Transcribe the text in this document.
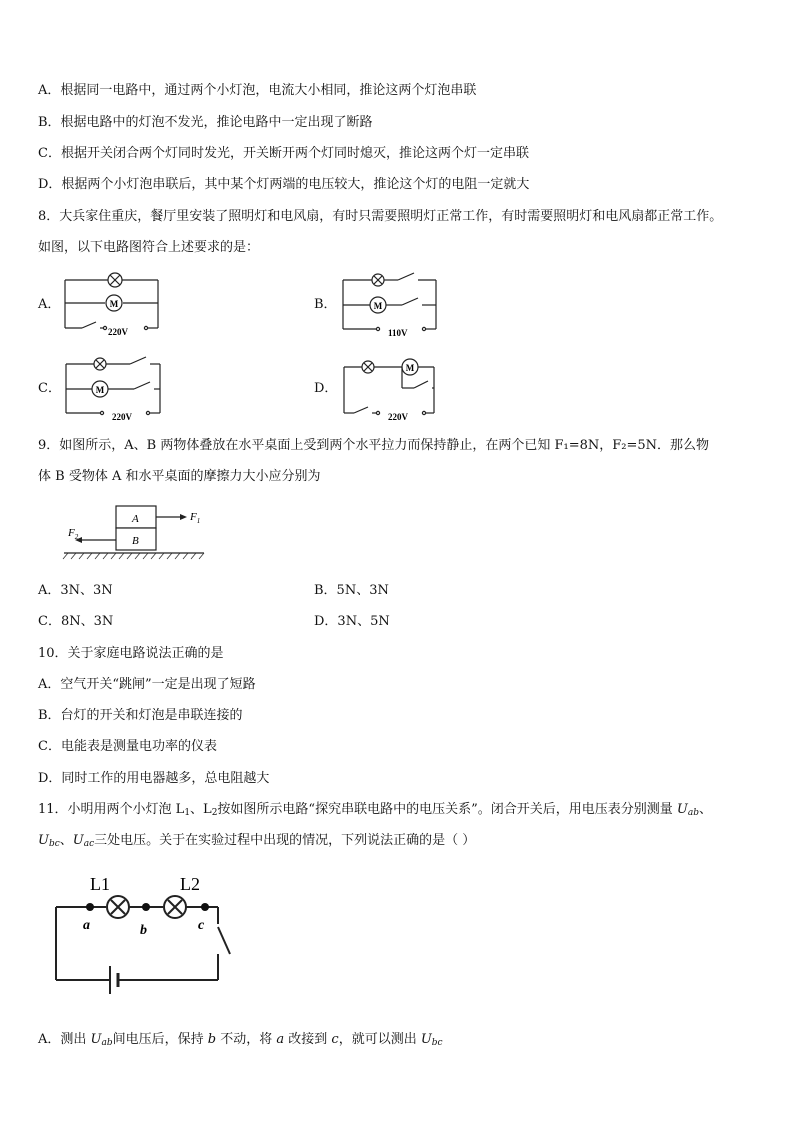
A．根据同一电路中，通过两个小灯泡，电流大小相同，推论这两个灯泡串联
B．根据电路中的灯泡不发光，推论电路中一定出现了断路
C．根据开关闭合两个灯同时发光，开关断开两个灯同时熄灭，推论这两个灯一定串联
D．根据两个小灯泡串联后，其中某个灯两端的电压较大，推论这个灯的电阻一定就大
8．大兵家住重庆，餐厅里安装了照明灯和电风扇，有时只需要照明灯正常工作，有时需要照明灯和电风扇都正常工作。
如图，以下电路图符合上述要求的是：
A．	B．
C．	D．
M
220V
M
110V
M
220V
M
220V
9．如图所示，A、B 两物体叠放在水平桌面上受到两个水平拉力而保持静止，在两个已知 F₁=8N，F₂=5N．那么物
体 B 受物体 A 和水平桌面的摩擦力大小应分别为
A
B
$F_1$
$F_2$
A．3N、3N	B．5N、3N
C．8N、3N	D．3N、5N
10．关于家庭电路说法正确的是
A．空气开关“跳闸”一定是出现了短路
B．台灯的开关和灯泡是串联连接的
C．电能表是测量电功率的仪表
D．同时工作的用电器越多，总电阻越大
11．小明用两个小灯泡 $L_1$、$L_2$按如图所示电路“探究串联电路中的电压关系”。闭合开关后，用电压表分别测量 $U_{ab}$、
$U_{bc}$、$U_{ac}$三处电压。关于在实验过程中出现的情况，下列说法正确的是（ ）
L1	L2
a	b	c
A．测出 $U_{ab}$间电压后，保持 b 不动，将 a 改接到 c，就可以测出 $U_{bc}$
